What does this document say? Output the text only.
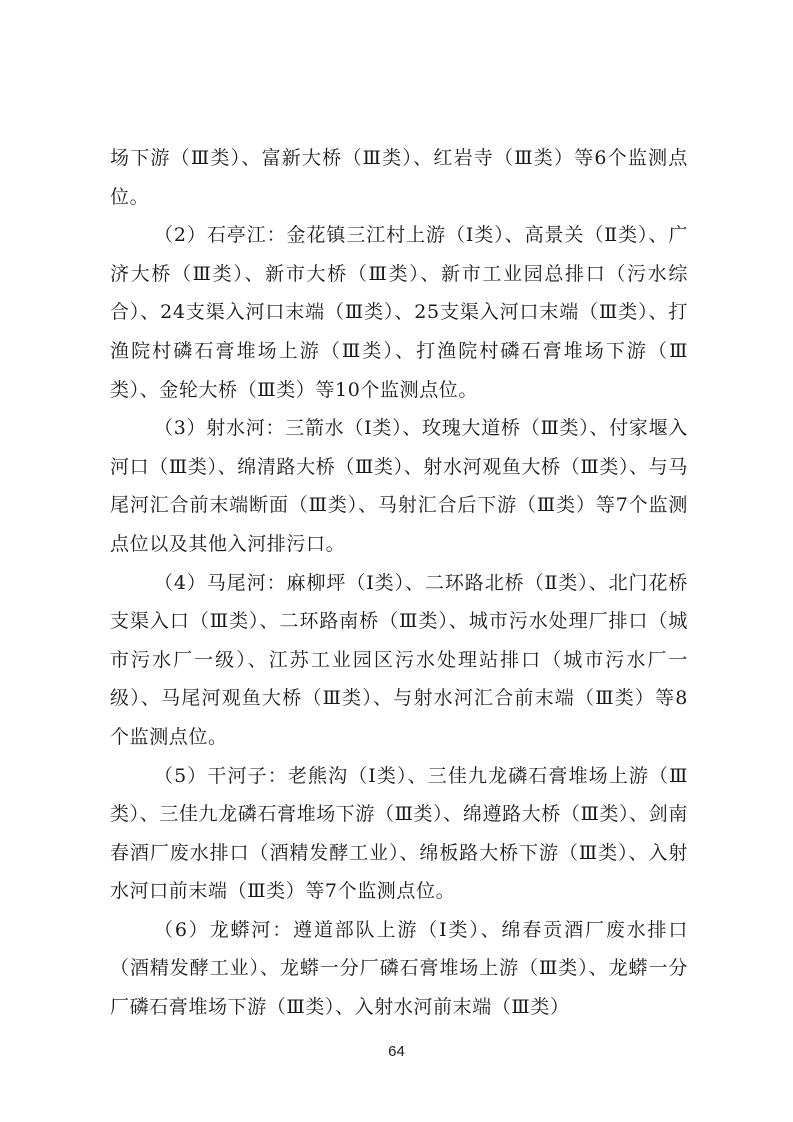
场下游（Ⅲ类）、富新大桥（Ⅲ类）、红岩寺（Ⅲ类）等6个监测点位。

（2）石亭江：金花镇三江村上游（Ⅰ类）、高景关（Ⅱ类）、广济大桥（Ⅲ类）、新市大桥（Ⅲ类）、新市工业园总排口（污水综合）、24支渠入河口末端（Ⅲ类）、25支渠入河口末端（Ⅲ类）、打渔院村磷石膏堆场上游（Ⅲ类）、打渔院村磷石膏堆场下游（Ⅲ类）、金轮大桥（Ⅲ类）等10个监测点位。

（3）射水河：三箭水（Ⅰ类）、玫瑰大道桥（Ⅲ类）、付家堰入河口（Ⅲ类）、绵清路大桥（Ⅲ类）、射水河观鱼大桥（Ⅲ类）、与马尾河汇合前末端断面（Ⅲ类）、马射汇合后下游（Ⅲ类）等7个监测点位以及其他入河排污口。

（4）马尾河：麻柳坪（Ⅰ类）、二环路北桥（Ⅱ类）、北门花桥支渠入口（Ⅲ类）、二环路南桥（Ⅲ类）、城市污水处理厂排口（城市污水厂一级）、江苏工业园区污水处理站排口（城市污水厂一级）、马尾河观鱼大桥（Ⅲ类）、与射水河汇合前末端（Ⅲ类）等8个监测点位。

（5）干河子：老熊沟（Ⅰ类）、三佳九龙磷石膏堆场上游（Ⅲ类）、三佳九龙磷石膏堆场下游（Ⅲ类）、绵遵路大桥（Ⅲ类）、剑南春酒厂废水排口（酒精发酵工业）、绵板路大桥下游（Ⅲ类）、入射水河口前末端（Ⅲ类）等7个监测点位。

（6）龙蟒河：遵道部队上游（Ⅰ类）、绵春贡酒厂废水排口（酒精发酵工业）、龙蟒一分厂磷石膏堆场上游（Ⅲ类）、龙蟒一分厂磷石膏堆场下游（Ⅲ类）、入射水河前末端（Ⅲ类）

64
